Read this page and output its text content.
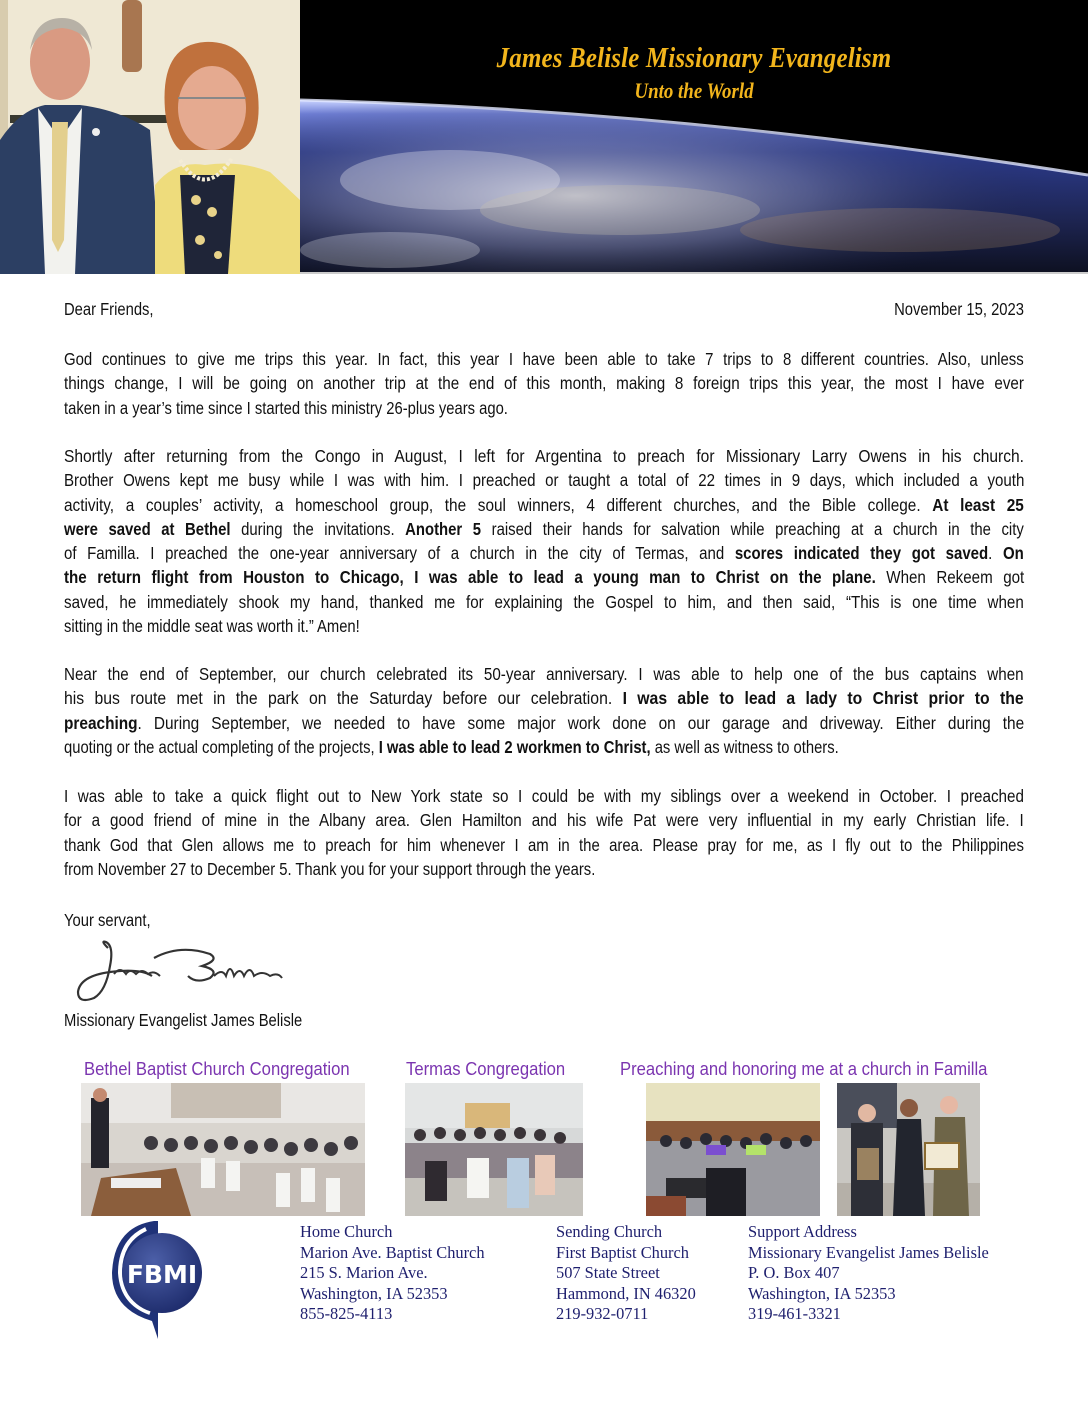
James Belisle Missionary Evangelism
Unto the World
Dear Friends,	November 15, 2023
God continues to give me trips this year. In fact, this year I have been able to take 7 trips to 8 different countries. Also, unless
things change, I will be going on another trip at the end of this month, making 8 foreign trips this year, the most I have ever
taken in a year’s time since I started this ministry 26-plus years ago.
Shortly after returning from the Congo in August, I left for Argentina to preach for Missionary Larry Owens in his church.
Brother Owens kept me busy while I was with him. I preached or taught a total of 22 times in 9 days, which included a youth
activity, a couples’ activity, a homeschool group, the soul winners, 4 different churches, and the Bible college. At least 25
were saved at Bethel during the invitations. Another 5 raised their hands for salvation while preaching at a church in the city
of Familla. I preached the one-year anniversary of a church in the city of Termas, and scores indicated they got saved. On
the return flight from Houston to Chicago, I was able to lead a young man to Christ on the plane. When Rekeem got
saved, he immediately shook my hand, thanked me for explaining the Gospel to him, and then said, “This is one time when
sitting in the middle seat was worth it.” Amen!
Near the end of September, our church celebrated its 50-year anniversary. I was able to help one of the bus captains when
his bus route met in the park on the Saturday before our celebration. I was able to lead a lady to Christ prior to the
preaching. During September, we needed to have some major work done on our garage and driveway. Either during the
quoting or the actual completing of the projects, I was able to lead 2 workmen to Christ, as well as witness to others.
I was able to take a quick flight out to New York state so I could be with my siblings over a weekend in October. I preached
for a good friend of mine in the Albany area. Glen Hamilton and his wife Pat were very influential in my early Christian life. I
thank God that Glen allows me to preach for him whenever I am in the area. Please pray for me, as I fly out to the Philippines
from November 27 to December 5. Thank you for your support through the years.
Your servant,
Missionary Evangelist James Belisle
Bethel Baptist Church Congregation	Termas Congregation	Preaching and honoring me at a church in Familla
FBMI
Home Church
Marion Ave. Baptist Church
215 S. Marion Ave.
Washington, IA 52353
855-825-4113
Sending Church
First Baptist Church
507 State Street
Hammond, IN 46320
219-932-0711
Support Address
Missionary Evangelist James Belisle
P. O. Box 407
Washington, IA 52353
319-461-3321
